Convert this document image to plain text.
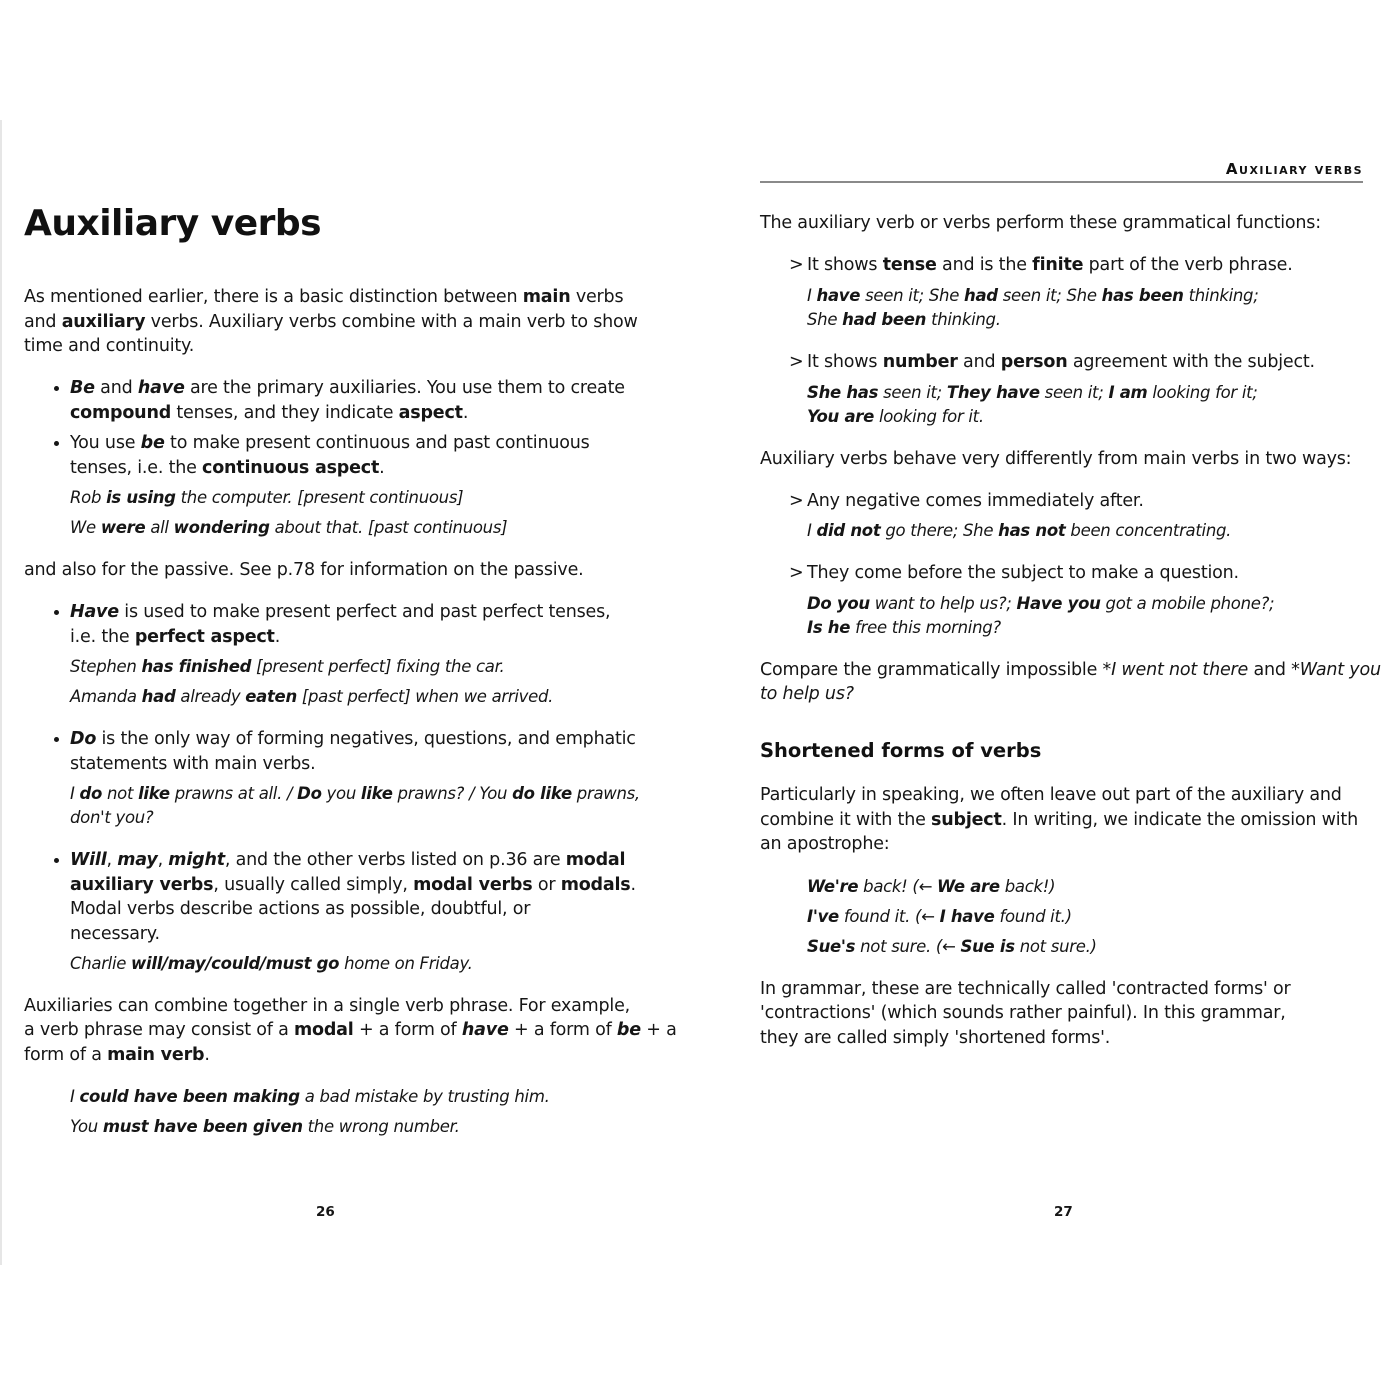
Auxiliary verbs

As mentioned earlier, there is a basic distinction between main verbs

and auxiliary verbs. Auxiliary verbs combine with a main verb to show

time and continuity.

Be and have are the primary auxiliaries. You use them to create

compound tenses, and they indicate aspect.

You use be to make present continuous and past continuous

tenses, i.e. the continuous aspect.

Rob is using the computer. [present continuous]

We were all wondering about that. [past continuous]

and also for the passive. See p.78 for information on the passive.

Have is used to make present perfect and past perfect tenses,

i.e. the perfect aspect.

Stephen has finished [present perfect] fixing the car.

Amanda had already eaten [past perfect] when we arrived.

Do is the only way of forming negatives, questions, and emphatic

statements with main verbs.

I do not like prawns at all. / Do you like prawns? / You do like prawns,

don't you?

Will, may, might, and the other verbs listed on p.36 are modal

auxiliary verbs, usually called simply, modal verbs or modals.

Modal verbs describe actions as possible, doubtful, or

necessary.

Charlie will/may/could/must go home on Friday.

Auxiliaries can combine together in a single verb phrase. For example,

a verb phrase may consist of a modal + a form of have + a form of be + a

form of a main verb.

I could have been making a bad mistake by trusting him.

You must have been given the wrong number.

26
Auxiliary verbs

The auxiliary verb or verbs perform these grammatical functions:

> It shows tense and is the finite part of the verb phrase.

I have seen it; She had seen it; She has been thinking;

She had been thinking.

> It shows number and person agreement with the subject.

She has seen it; They have seen it; I am looking for it;

You are looking for it.

Auxiliary verbs behave very differently from main verbs in two ways:

> Any negative comes immediately after.

I did not go there; She has not been concentrating.

> They come before the subject to make a question.

Do you want to help us?; Have you got a mobile phone?;

Is he free this morning?

Compare the grammatically impossible *I went not there and *Want you

to help us?

Shortened forms of verbs

Particularly in speaking, we often leave out part of the auxiliary and

combine it with the subject. In writing, we indicate the omission with

an apostrophe:

We're back! (← We are back!)

I've found it. (← I have found it.)

Sue's not sure. (← Sue is not sure.)

In grammar, these are technically called 'contracted forms' or

'contractions' (which sounds rather painful). In this grammar,

they are called simply 'shortened forms'.

27
